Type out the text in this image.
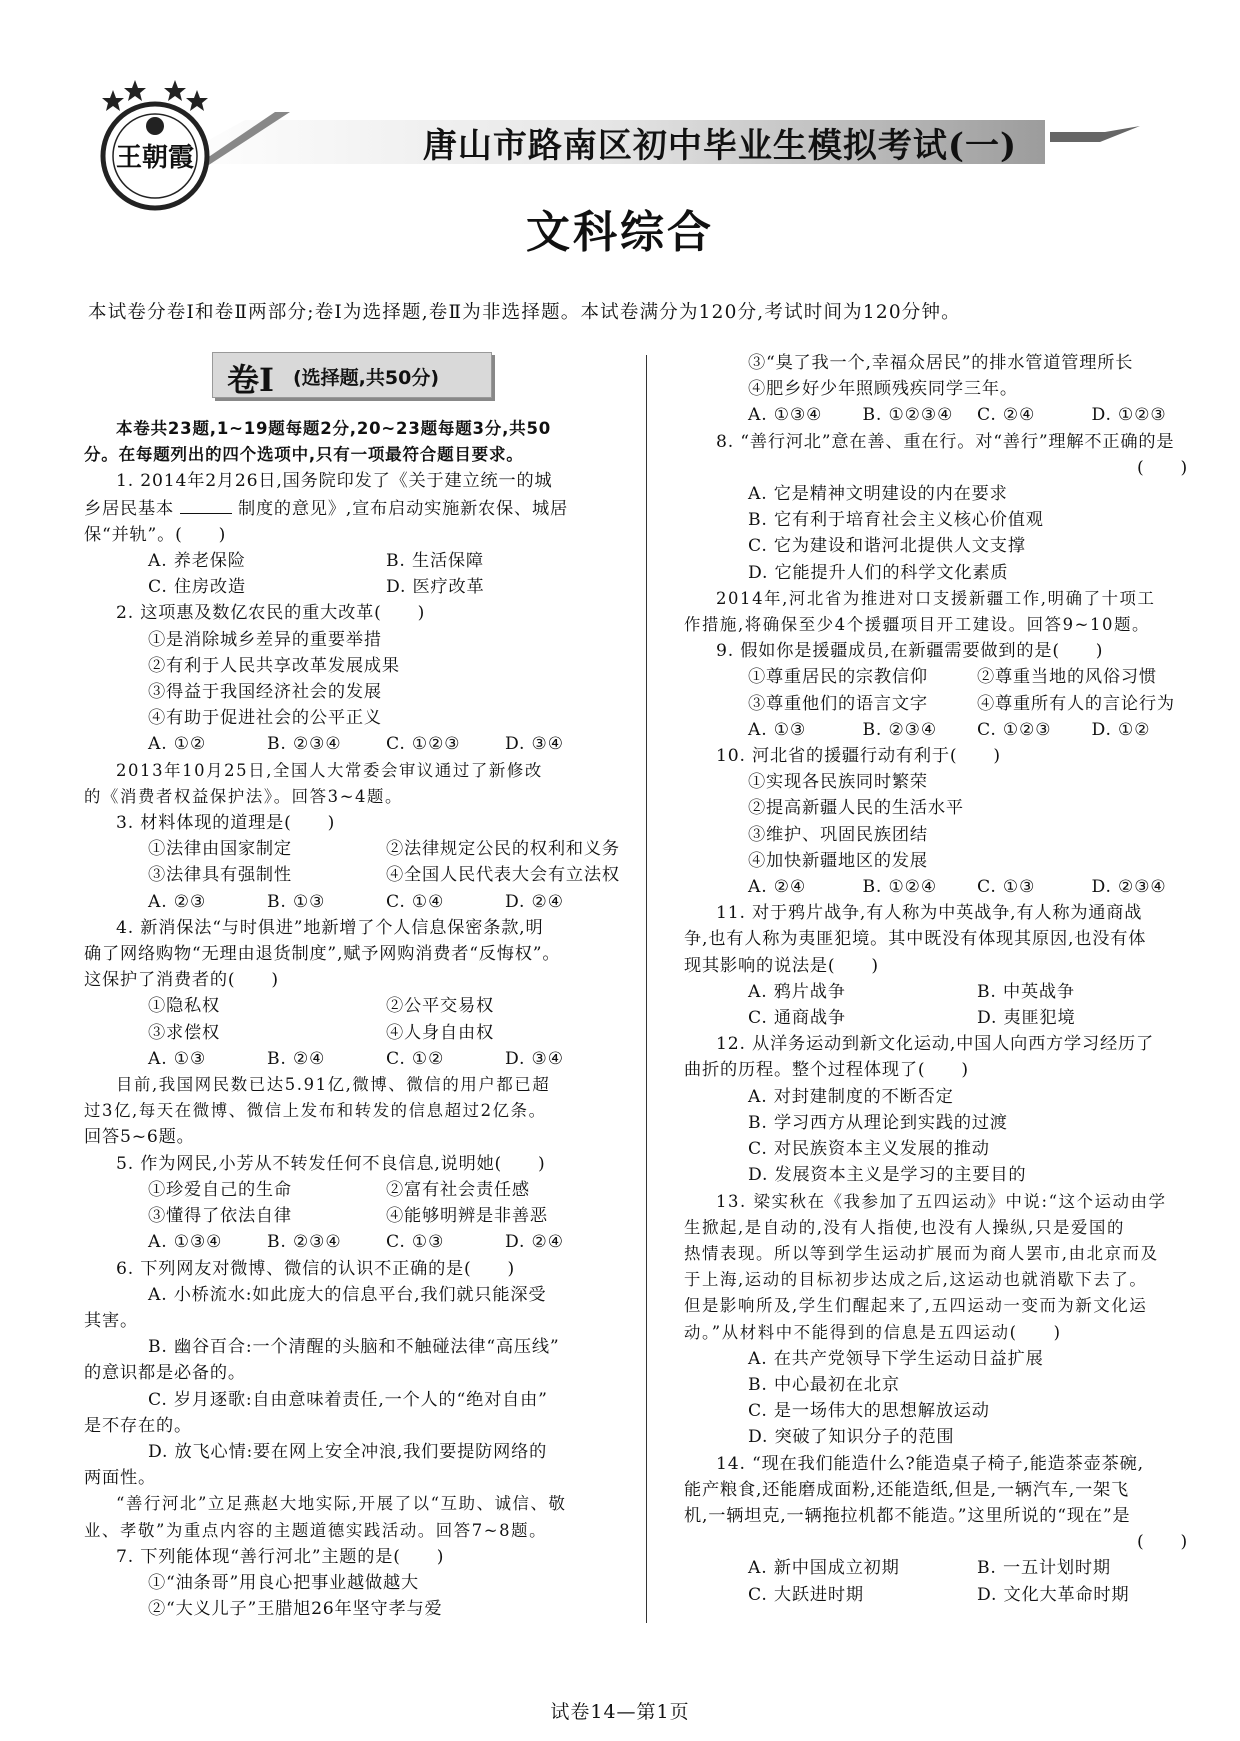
王朝霞	唐山市路南区初中毕业生模拟考试(一)
文科综合
本试卷分卷Ⅰ和卷Ⅱ两部分;卷Ⅰ为选择题,卷Ⅱ为非选择题。本试卷满分为120分,考试时间为120分钟。
卷Ⅰ (选择题,共50分)
本卷共23题,1~19题每题2分,20~23题每题3分,共50
分。在每题列出的四个选项中,只有一项最符合题目要求。
1. 2014年2月26日,国务院印发了《关于建立统一的城
乡居民基本	制度的意见》,宣布启动实施新农保、城居
保“并轨”。(　　)
A. 养老保险	B. 生活保障
C. 住房改造	D. 医疗改革
2. 这项惠及数亿农民的重大改革(　　)
①是消除城乡差异的重要举措
②有利于人民共享改革发展成果
③得益于我国经济社会的发展
④有助于促进社会的公平正义
A. ①②	B. ②③④	C. ①②③	D. ③④
2013年10月25日,全国人大常委会审议通过了新修改
的《消费者权益保护法》。回答3~4题。
3. 材料体现的道理是(　　)
①法律由国家制定	②法律规定公民的权利和义务
③法律具有强制性	④全国人民代表大会有立法权
A. ②③	B. ①③	C. ①④	D. ②④
4. 新消保法“与时俱进”地新增了个人信息保密条款,明
确了网络购物“无理由退货制度”,赋予网购消费者“反悔权”。
这保护了消费者的(　　)
①隐私权	②公平交易权
③求偿权	④人身自由权
A. ①③	B. ②④	C. ①②	D. ③④
目前,我国网民数已达5.91亿,微博、微信的用户都已超
过3亿,每天在微博、微信上发布和转发的信息超过2亿条。
回答5~6题。
5. 作为网民,小芳从不转发任何不良信息,说明她(　　)
①珍爱自己的生命	②富有社会责任感
③懂得了依法自律	④能够明辨是非善恶
A. ①③④	B. ②③④	C. ①③	D. ②④
6. 下列网友对微博、微信的认识不正确的是(　　)
A. 小桥流水:如此庞大的信息平台,我们就只能深受
其害。
B. 幽谷百合:一个清醒的头脑和不触碰法律“高压线”
的意识都是必备的。
C. 岁月逐歌:自由意味着责任,一个人的“绝对自由”
是不存在的。
D. 放飞心情:要在网上安全冲浪,我们要提防网络的
两面性。
“善行河北”立足燕赵大地实际,开展了以“互助、诚信、敬
业、孝敬”为重点内容的主题道德实践活动。回答7~8题。
7. 下列能体现“善行河北”主题的是(　　)
①“油条哥”用良心把事业越做越大
②“大义儿子”王腊旭26年坚守孝与爱
③“臭了我一个,幸福众居民”的排水管道管理所长
④肥乡好少年照顾残疾同学三年。
A. ①③④	B. ①②③④	C. ②④	D. ①②③
8. “善行河北”意在善、重在行。对“善行”理解不正确的是
(　　)
A. 它是精神文明建设的内在要求
B. 它有利于培育社会主义核心价值观
C. 它为建设和谐河北提供人文支撑
D. 它能提升人们的科学文化素质
2014年,河北省为推进对口支援新疆工作,明确了十项工
作措施,将确保至少4个援疆项目开工建设。回答9~10题。
9. 假如你是援疆成员,在新疆需要做到的是(　　)
①尊重居民的宗教信仰	②尊重当地的风俗习惯
③尊重他们的语言文字	④尊重所有人的言论行为
A. ①③	B. ②③④	C. ①②③	D. ①②
10. 河北省的援疆行动有利于(　　)
①实现各民族同时繁荣
②提高新疆人民的生活水平
③维护、巩固民族团结
④加快新疆地区的发展
A. ②④	B. ①②④	C. ①③	D. ②③④
11. 对于鸦片战争,有人称为中英战争,有人称为通商战
争,也有人称为夷匪犯境。其中既没有体现其原因,也没有体
现其影响的说法是(　　)
A. 鸦片战争	B. 中英战争
C. 通商战争	D. 夷匪犯境
12. 从洋务运动到新文化运动,中国人向西方学习经历了
曲折的历程。整个过程体现了(　　)
A. 对封建制度的不断否定
B. 学习西方从理论到实践的过渡
C. 对民族资本主义发展的推动
D. 发展资本主义是学习的主要目的
13. 梁实秋在《我参加了五四运动》中说:“这个运动由学
生掀起,是自动的,没有人指使,也没有人操纵,只是爱国的
热情表现。所以等到学生运动扩展而为商人罢市,由北京而及
于上海,运动的目标初步达成之后,这运动也就消歇下去了。
但是影响所及,学生们醒起来了,五四运动一变而为新文化运
动。”从材料中不能得到的信息是五四运动(　　)
A. 在共产党领导下学生运动日益扩展
B. 中心最初在北京
C. 是一场伟大的思想解放运动
D. 突破了知识分子的范围
14. “现在我们能造什么?能造桌子椅子,能造茶壶茶碗,
能产粮食,还能磨成面粉,还能造纸,但是,一辆汽车,一架飞
机,一辆坦克,一辆拖拉机都不能造。”这里所说的“现在”是
(　　)
A. 新中国成立初期	B. 一五计划时期
C. 大跃进时期	D. 文化大革命时期
试卷14—第1页
